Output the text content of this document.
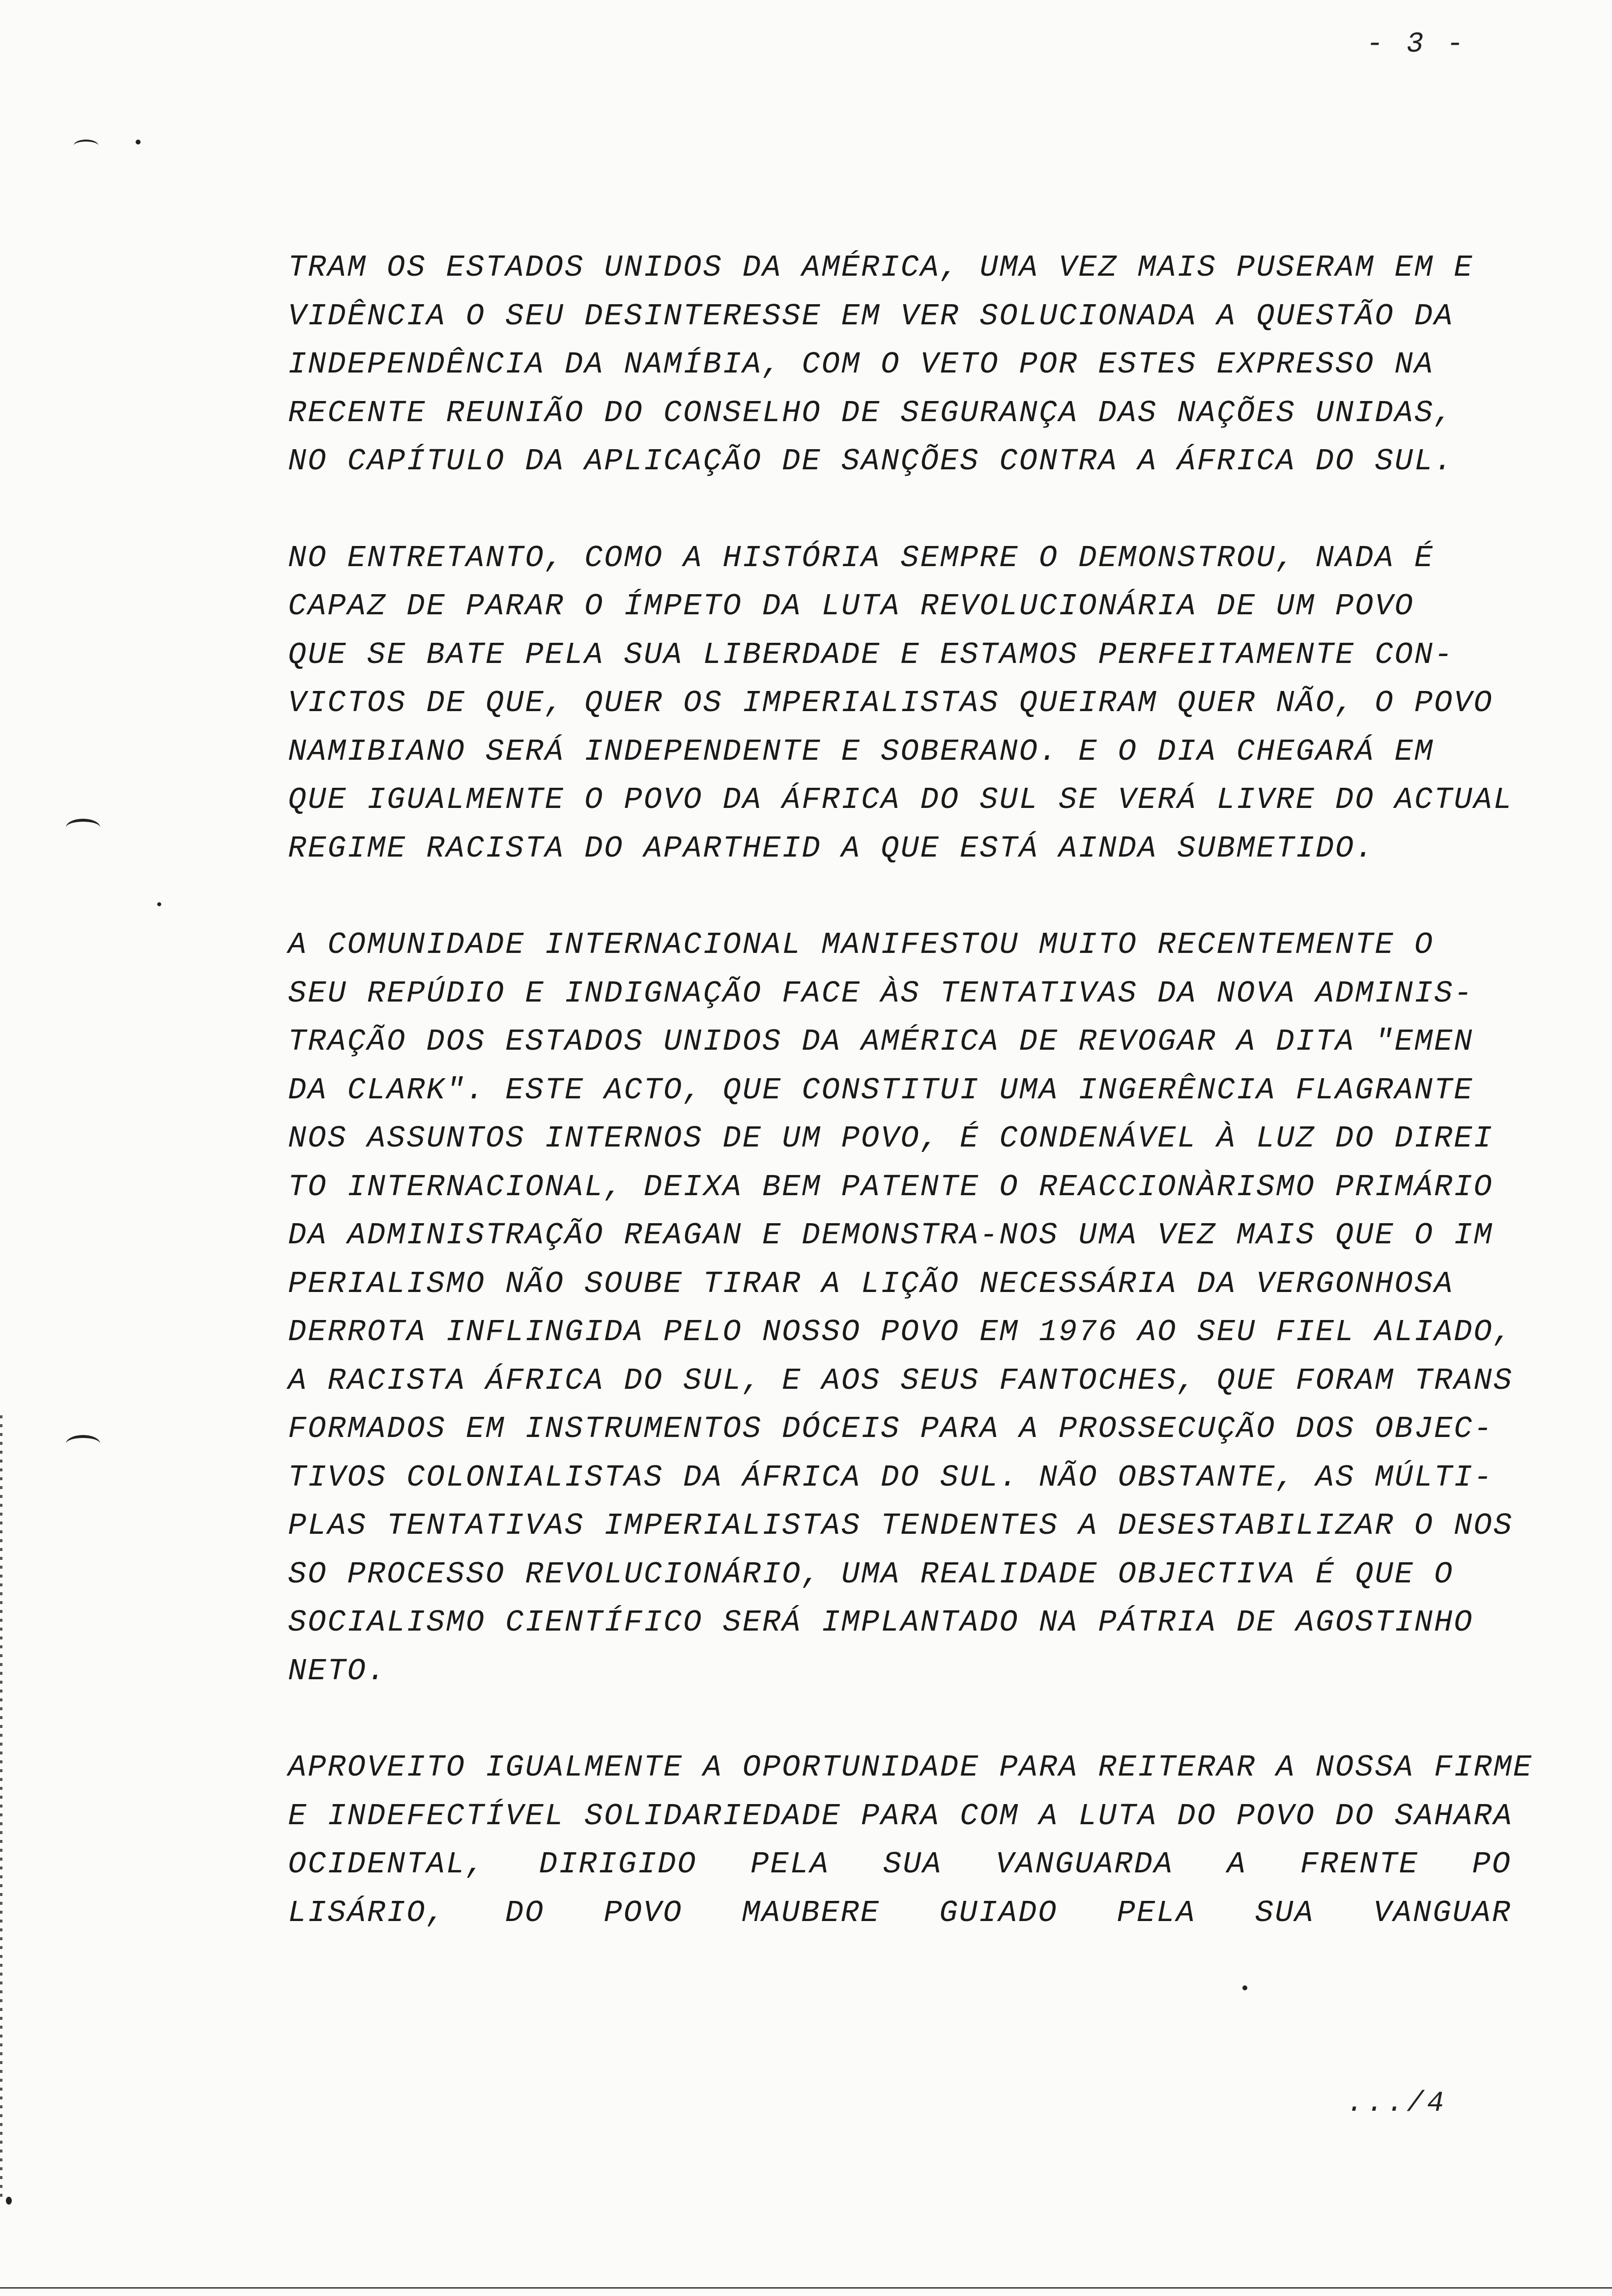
- 3 -
TRAM OS ESTADOS UNIDOS DA AMÉRICA, UMA VEZ MAIS PUSERAM EM E
VIDÊNCIA O SEU DESINTERESSE EM VER SOLUCIONADA A QUESTÃO DA
INDEPENDÊNCIA DA NAMÍBIA, COM O VETO POR ESTES EXPRESSO NA
RECENTE REUNIÃO DO CONSELHO DE SEGURANÇA DAS NAÇÕES UNIDAS,
NO CAPÍTULO DA APLICAÇÃO DE SANÇÕES CONTRA A ÁFRICA DO SUL.
NO ENTRETANTO, COMO A HISTÓRIA SEMPRE O DEMONSTROU, NADA É
CAPAZ DE PARAR O ÍMPETO DA LUTA REVOLUCIONÁRIA DE UM POVO
QUE SE BATE PELA SUA LIBERDADE E ESTAMOS PERFEITAMENTE CON-
VICTOS DE QUE, QUER OS IMPERIALISTAS QUEIRAM QUER NÃO, O POVO
NAMIBIANO SERÁ INDEPENDENTE E SOBERANO. E O DIA CHEGARÁ EM
QUE IGUALMENTE O POVO DA ÁFRICA DO SUL SE VERÁ LIVRE DO ACTUAL
REGIME RACISTA DO APARTHEID A QUE ESTÁ AINDA SUBMETIDO.
A COMUNIDADE INTERNACIONAL MANIFESTOU MUITO RECENTEMENTE O
SEU REPÚDIO E INDIGNAÇÃO FACE ÀS TENTATIVAS DA NOVA ADMINIS-
TRAÇÃO DOS ESTADOS UNIDOS DA AMÉRICA DE REVOGAR A DITA "EMEN
DA CLARK". ESTE ACTO, QUE CONSTITUI UMA INGERÊNCIA FLAGRANTE
NOS ASSUNTOS INTERNOS DE UM POVO, É CONDENÁVEL À LUZ DO DIREI
TO INTERNACIONAL, DEIXA BEM PATENTE O REACCIONÀRISMO PRIMÁRIO
DA ADMINISTRAÇÃO REAGAN E DEMONSTRA-NOS UMA VEZ MAIS QUE O IM
PERIALISMO NÃO SOUBE TIRAR A LIÇÃO NECESSÁRIA DA VERGONHOSA
DERROTA INFLINGIDA PELO NOSSO POVO EM 1976 AO SEU FIEL ALIADO,
A RACISTA ÁFRICA DO SUL, E AOS SEUS FANTOCHES, QUE FORAM TRANS
FORMADOS EM INSTRUMENTOS DÓCEIS PARA A PROSSECUÇÃO DOS OBJEC-
TIVOS COLONIALISTAS DA ÁFRICA DO SUL. NÃO OBSTANTE, AS MÚLTI-
PLAS TENTATIVAS IMPERIALISTAS TENDENTES A DESESTABILIZAR O NOS
SO PROCESSO REVOLUCIONÁRIO, UMA REALIDADE OBJECTIVA É QUE O
SOCIALISMO CIENTÍFICO SERÁ IMPLANTADO NA PÁTRIA DE AGOSTINHO
NETO.
APROVEITO IGUALMENTE A OPORTUNIDADE PARA REITERAR A NOSSA FIRME
E INDEFECTÍVEL SOLIDARIEDADE PARA COM A LUTA DO POVO DO SAHARA
OCIDENTAL, DIRIGIDO PELA SUA VANGUARDA A FRENTE PO
LISÁRIO, DO POVO MAUBERE GUIADO PELA SUA VANGUAR
.../4
